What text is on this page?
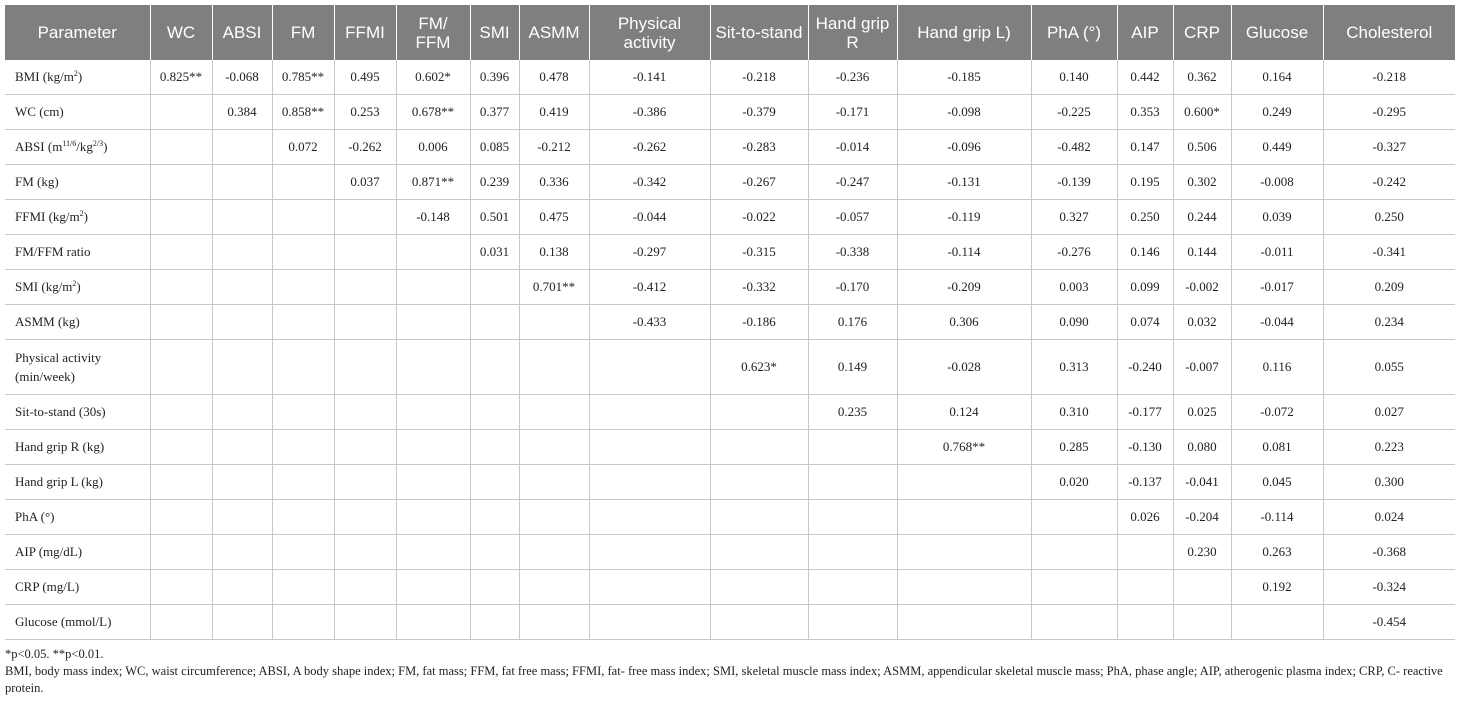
Parameter	WC	ABSI	FM	FFMI	FM/ FFM	SMI	ASMM	Physical activity	Sit-to-stand	Hand grip R	Hand grip L)	PhA (°)	AIP	CRP	Glucose	Cholesterol
BMI $(kg/m^2)$	0.825**	-0.068	0.785**	0.495	0.602*	0.396	0.478	-0.141	-0.218	-0.236	-0.185	0.140	0.442	0.362	0.164	-0.218
WC (cm)		0.384	0.858**	0.253	0.678**	0.377	0.419	-0.386	-0.379	-0.171	-0.098	-0.225	0.353	0.600*	0.249	-0.295
ABSI $(m^{11/6}/kg^{2/3})$			0.072	-0.262	0.006	0.085	-0.212	-0.262	-0.283	-0.014	-0.096	-0.482	0.147	0.506	0.449	-0.327
FM (kg)				0.037	0.871**	0.239	0.336	-0.342	-0.267	-0.247	-0.131	-0.139	0.195	0.302	-0.008	-0.242
FFMI $(kg/m^2)$					-0.148	0.501	0.475	-0.044	-0.022	-0.057	-0.119	0.327	0.250	0.244	0.039	0.250
FM/FFM ratio						0.031	0.138	-0.297	-0.315	-0.338	-0.114	-0.276	0.146	0.144	-0.011	-0.341
SMI $(kg/m^2)$							0.701**	-0.412	-0.332	-0.170	-0.209	0.003	0.099	-0.002	-0.017	0.209
ASMM (kg)								-0.433	-0.186	0.176	0.306	0.090	0.074	0.032	-0.044	0.234
Physical activity (min/week)									0.623*	0.149	-0.028	0.313	-0.240	-0.007	0.116	0.055
Sit-to-stand (30s)										0.235	0.124	0.310	-0.177	0.025	-0.072	0.027
Hand grip R (kg)											0.768**	0.285	-0.130	0.080	0.081	0.223
Hand grip L (kg)												0.020	-0.137	-0.041	0.045	0.300
PhA (°)													0.026	-0.204	-0.114	0.024
AIP (mg/dL)														0.230	0.263	-0.368
CRP (mg/L)															0.192	-0.324
Glucose (mmol/L)																-0.454

*p<0.05. **p<0.01.

BMI, body mass index; WC, waist circumference; ABSI, A body shape index; FM, fat mass; FFM, fat free mass; FFMI, fat- free mass index; SMI, skeletal muscle mass index; ASMM, appendicular skeletal muscle mass; PhA, phase angle; AIP, atherogenic plasma index; CRP, C- reactive protein.
